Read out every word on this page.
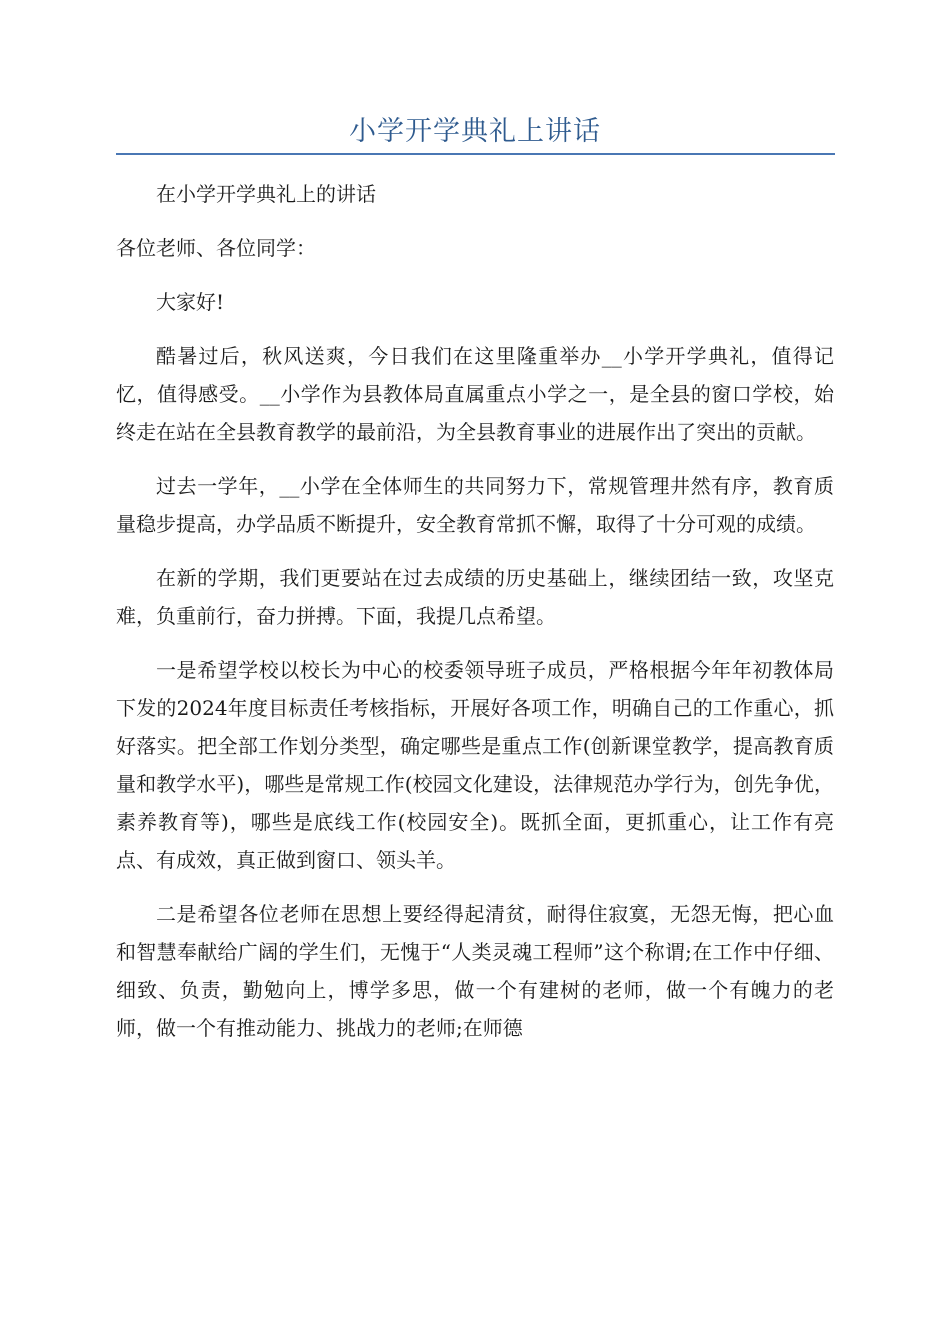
小学开学典礼上讲话

在小学开学典礼上的讲话

各位老师、各位同学：

大家好!

酷暑过后，秋风送爽，今日我们在这里隆重举办__小学开学典礼，值得记忆，值得感受。__小学作为县教体局直属重点小学之一，是全县的窗口学校，始终走在站在全县教育教学的最前沿，为全县教育事业的进展作出了突出的贡献。

过去一学年，__小学在全体师生的共同努力下，常规管理井然有序，教育质量稳步提高，办学品质不断提升，安全教育常抓不懈，取得了十分可观的成绩。

在新的学期，我们更要站在过去成绩的历史基础上，继续团结一致，攻坚克难，负重前行，奋力拼搏。下面，我提几点希望。

一是希望学校以校长为中心的校委领导班子成员，严格根据今年年初教体局下发的2024年度目标责任考核指标，开展好各项工作，明确自己的工作重心，抓好落实。把全部工作划分类型，确定哪些是重点工作(创新课堂教学，提高教育质量和教学水平)，哪些是常规工作(校园文化建设，法律规范办学行为，创先争优，素养教育等)，哪些是底线工作(校园安全)。既抓全面，更抓重心，让工作有亮点、有成效，真正做到窗口、领头羊。

二是希望各位老师在思想上要经得起清贫，耐得住寂寞，无怨无悔，把心血和智慧奉献给广阔的学生们，无愧于“人类灵魂工程师”这个称谓;在工作中仔细、细致、负责，勤勉向上，博学多思，做一个有建树的老师，做一个有魄力的老师，做一个有推动能力、挑战力的老师;在师德
